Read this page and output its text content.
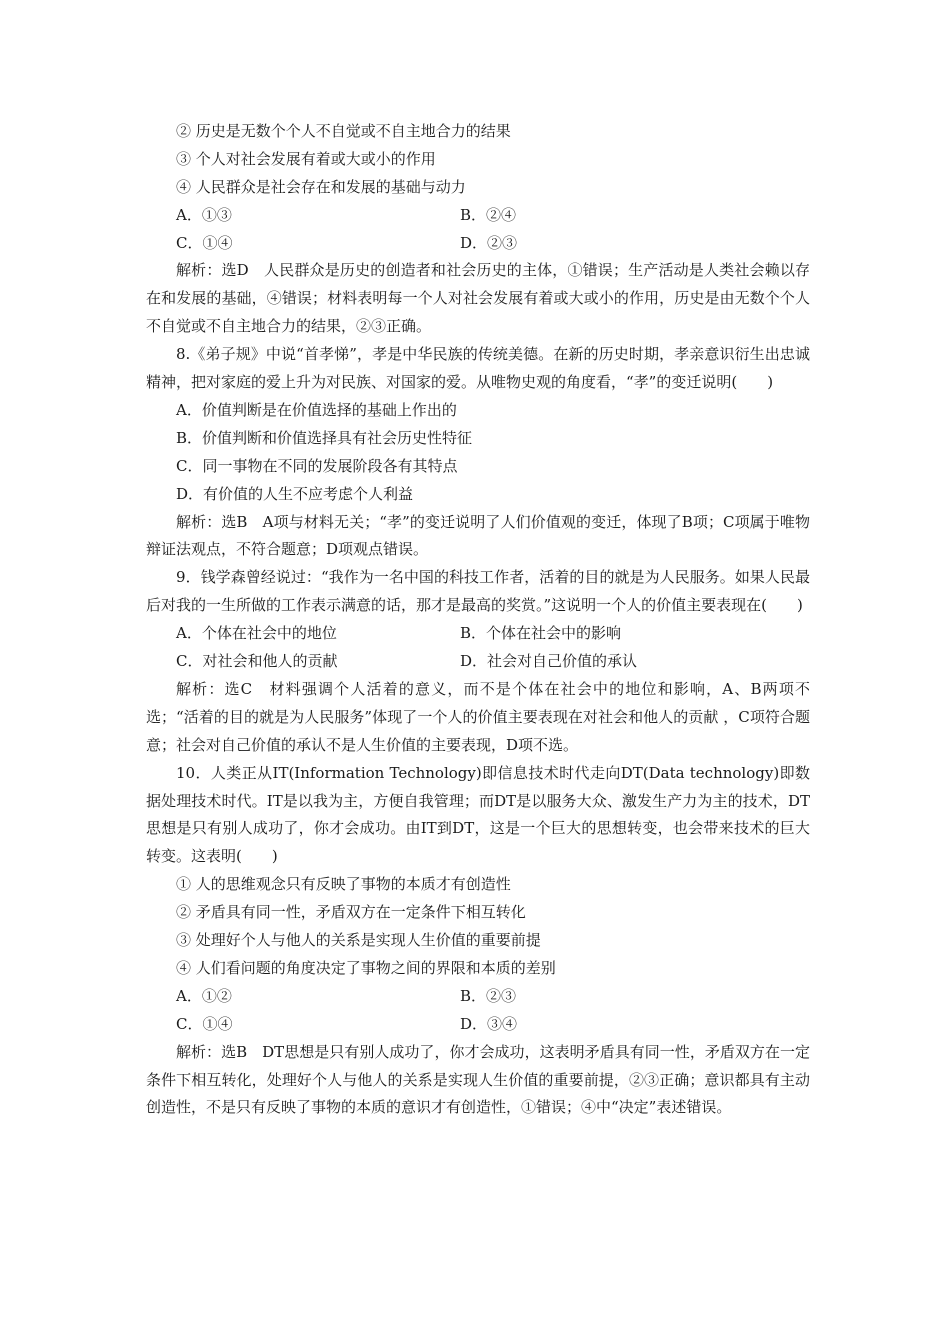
② 历史是无数个个人不自觉或不自主地合力的结果
③ 个人对社会发展有着或大或小的作用
④ 人民群众是社会存在和发展的基础与动力
A．①③	B．②④
C．①④	D．②③
解析：选D　人民群众是历史的创造者和社会历史的主体，①错误；生产活动是人类社会赖以存在和发展的基础，④错误；材料表明每一个人对社会发展有着或大或小的作用，历史是由无数个个人不自觉或不自主地合力的结果，②③正确。
8.《弟子规》中说“首孝悌”，孝是中华民族的传统美德。在新的历史时期，孝亲意识衍生出忠诚精神，把对家庭的爱上升为对民族、对国家的爱。从唯物史观的角度看，“孝”的变迁说明(　　)
A．价值判断是在价值选择的基础上作出的
B．价值判断和价值选择具有社会历史性特征
C．同一事物在不同的发展阶段各有其特点
D．有价值的人生不应考虑个人利益
解析：选B　A项与材料无关；“孝”的变迁说明了人们价值观的变迁，体现了B项；C项属于唯物辩证法观点，不符合题意；D项观点错误。
9．钱学森曾经说过：“我作为一名中国的科技工作者，活着的目的就是为人民服务。如果人民最后对我的一生所做的工作表示满意的话，那才是最高的奖赏。”这说明一个人的价值主要表现在(　　)
A．个体在社会中的地位	B．个体在社会中的影响
C．对社会和他人的贡献	D．社会对自己价值的承认
解析：选C　材料强调个人活着的意义，而不是个体在社会中的地位和影响，A、B两项不选；“活着的目的就是为人民服务”体现了一个人的价值主要表现在对社会和他人的贡献 ，C项符合题意；社会对自己价值的承认不是人生价值的主要表现，D项不选。
10．人类正从IT(Information Technology)即信息技术时代走向DT(Data technology)即数据处理技术时代。IT是以我为主，方便自我管理；而DT是以服务大众、激发生产力为主的技术，DT思想是只有别人成功了，你才会成功。由IT到DT，这是一个巨大的思想转变，也会带来技术的巨大转变。这表明(　　)
① 人的思维观念只有反映了事物的本质才有创造性
② 矛盾具有同一性，矛盾双方在一定条件下相互转化
③ 处理好个人与他人的关系是实现人生价值的重要前提
④ 人们看问题的角度决定了事物之间的界限和本质的差别
A．①②	B．②③
C．①④	D．③④
解析：选B　DT思想是只有别人成功了，你才会成功，这表明矛盾具有同一性，矛盾双方在一定条件下相互转化，处理好个人与他人的关系是实现人生价值的重要前提，②③正确；意识都具有主动创造性，不是只有反映了事物的本质的意识才有创造性，①错误；④中“决定”表述错误。
